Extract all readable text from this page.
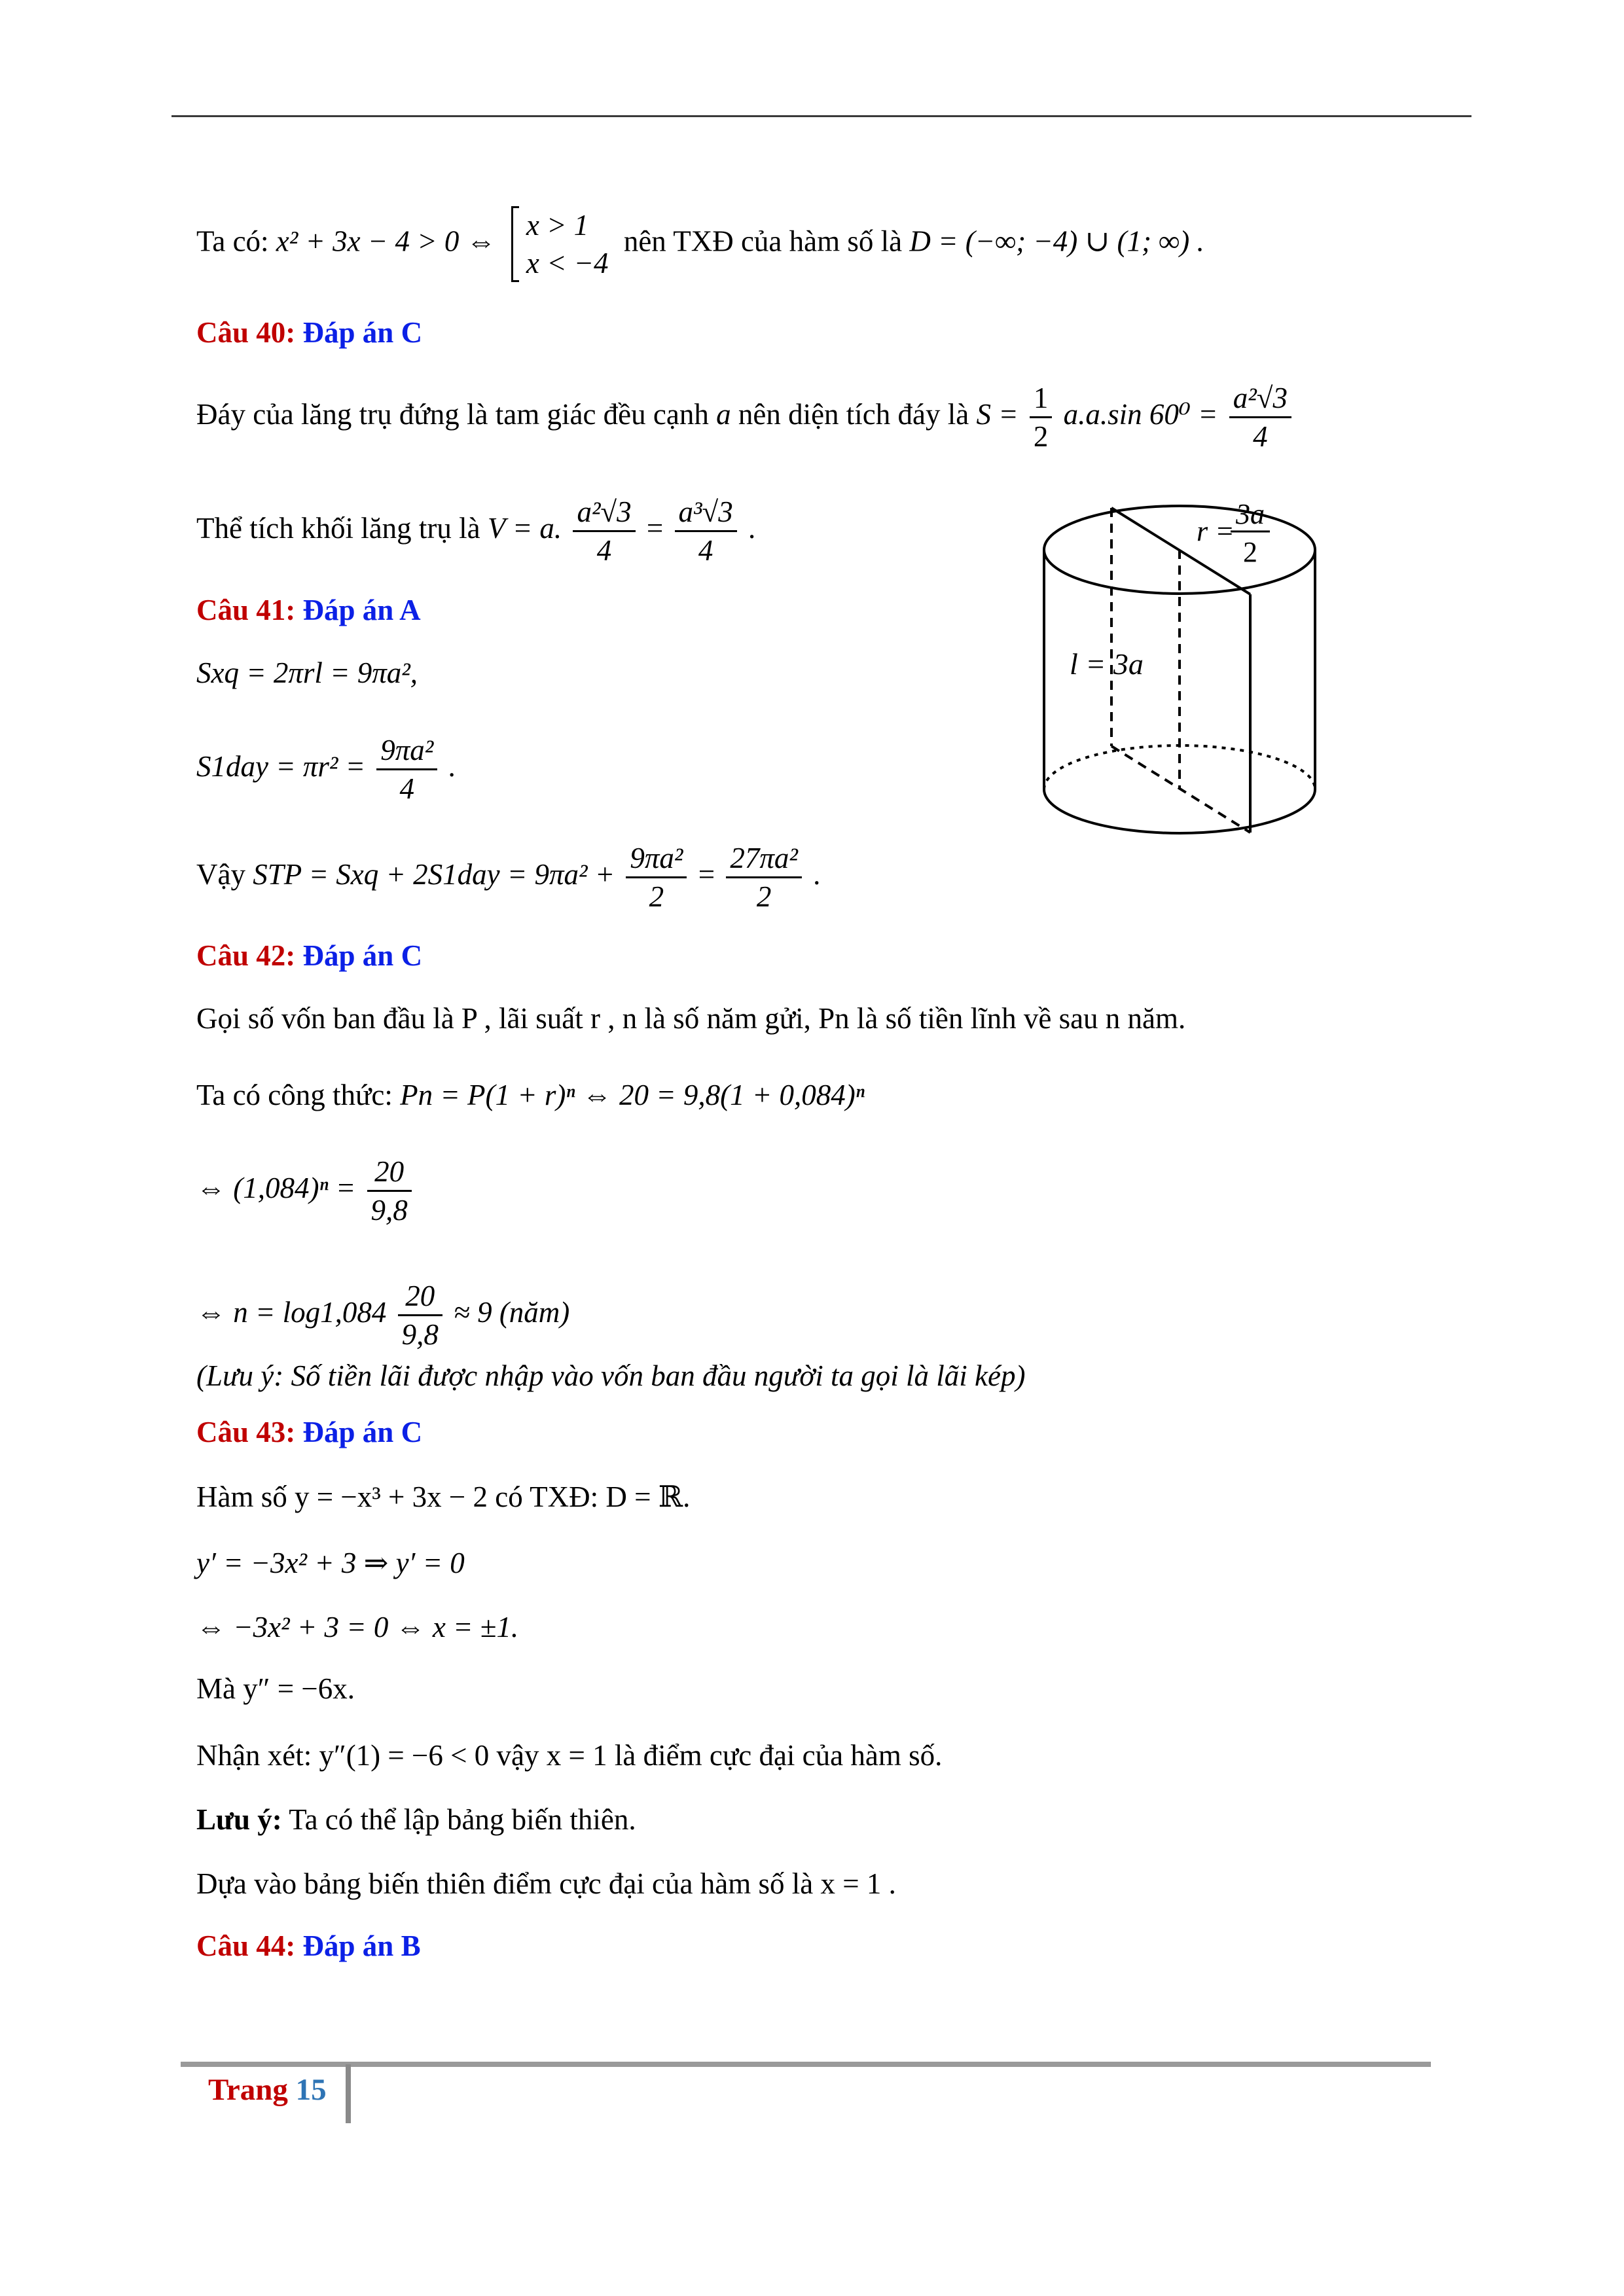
Ta có: x² + 3x − 4 > 0 ⇔ x > 1
x < −4
nên TXĐ của hàm số là D = (−∞; −4) ∪ (1; ∞) .
Câu 40: Đáp án C
Đáy của lăng trụ đứng là tam giác đều cạnh a nên diện tích đáy là $S = \frac{1}{2} a.a.\sin$ $60^0 = \frac{\text{a²√3}}{4}$
Thể tích khối lăng trụ là V = a. $\frac{\text{a²√3}}{4} = \frac{\text{a³√3}}{4}$ .
Câu 41: Đáp án A
Sxq = 2πrl = 9πa²,
$S1day = \pi r^2 = \frac{\text{9πa²}}{4}$ .
Vậy STP = Sxq + $2S1day = 9\pi a^2 + \frac{\text{9πa²}}{2} = \frac{\text{27πa²}}{2}$ .
Câu 42: Đáp án C
Gọi số vốn ban đầu là P , lãi suất r , n là số năm gửi, Pn là số tiền lĩnh về sau n năm.
Ta có công thức: Pn = P(1 + r)ⁿ ⇔ 20 = 9,8(1 + 0,084)ⁿ
⇔ $(1,084)^n = \frac{20}{9,8}$
⇔ $n = \log 1,084 \frac{20}{9,8} \approx 9$ (năm)
(Lưu ý: Số tiền lãi được nhập vào vốn ban đầu người ta gọi là lãi kép)
Câu 43: Đáp án C
Hàm số y = −x³ + 3x − 2 có TXĐ: D = ℝ.
y′ = −3x² + 3 ⇒ y′ = 0
⇔ −3x² + 3 = 0 ⇔ x = ±1.
Mà y″ = −6x.
Nhận xét: y″(1) = −6 < 0 vậy x = 1 là điểm cực đại của hàm số.
Lưu ý: Ta có thể lập bảng biến thiên.
Dựa vào bảng biến thiên điểm cực đại của hàm số là x = 1 .
Câu 44: Đáp án B
r =
3a
2
l = 3a
Trang 15
